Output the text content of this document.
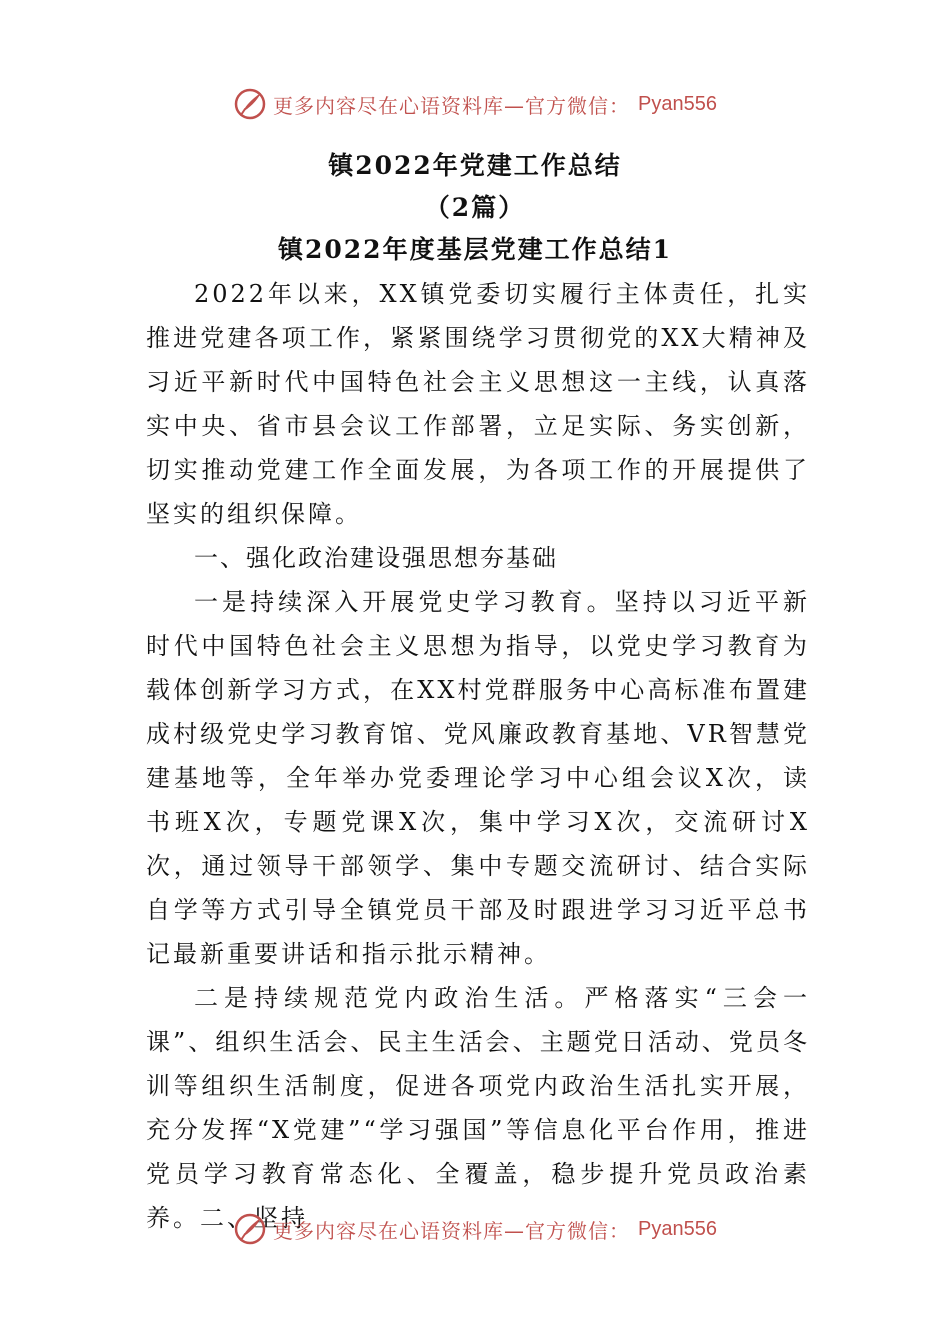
更多内容尽在心语资料库—官方微信： Pyan556
镇2022年党建工作总结
（2篇）
镇2022年度基层党建工作总结1

2022年以来，XX镇党委切实履行主体责任，扎实推进党建各项工作，紧紧围绕学习贯彻党的XX大精神及习近平新时代中国特色社会主义思想这一主线，认真落实中央、省市县会议工作部署，立足实际、务实创新，切实推动党建工作全面发展，为各项工作的开展提供了坚实的组织保障。

一、强化政治建设强思想夯基础

一是持续深入开展党史学习教育。坚持以习近平新时代中国特色社会主义思想为指导，以党史学习教育为载体创新学习方式，在XX村党群服务中心高标准布置建成村级党史学习教育馆、党风廉政教育基地、VR智慧党建基地等，全年举办党委理论学习中心组会议X次，读书班X次，专题党课X次，集中学习X次，交流研讨X次，通过领导干部领学、集中专题交流研讨、结合实际自学等方式引导全镇党员干部及时跟进学习习近平总书记最新重要讲话和指示批示精神。

二是持续规范党内政治生活。严格落实“三会一课”、组织生活会、民主生活会、主题党日活动、党员冬训等组织生活制度，促进各项党内政治生活扎实开展，充分发挥“X党建”“学习强国”等信息化平台作用，推进党员学习教育常态化、全覆盖，稳步提升党员政治素养。二、坚持

更多内容尽在心语资料库—官方微信： Pyan556
